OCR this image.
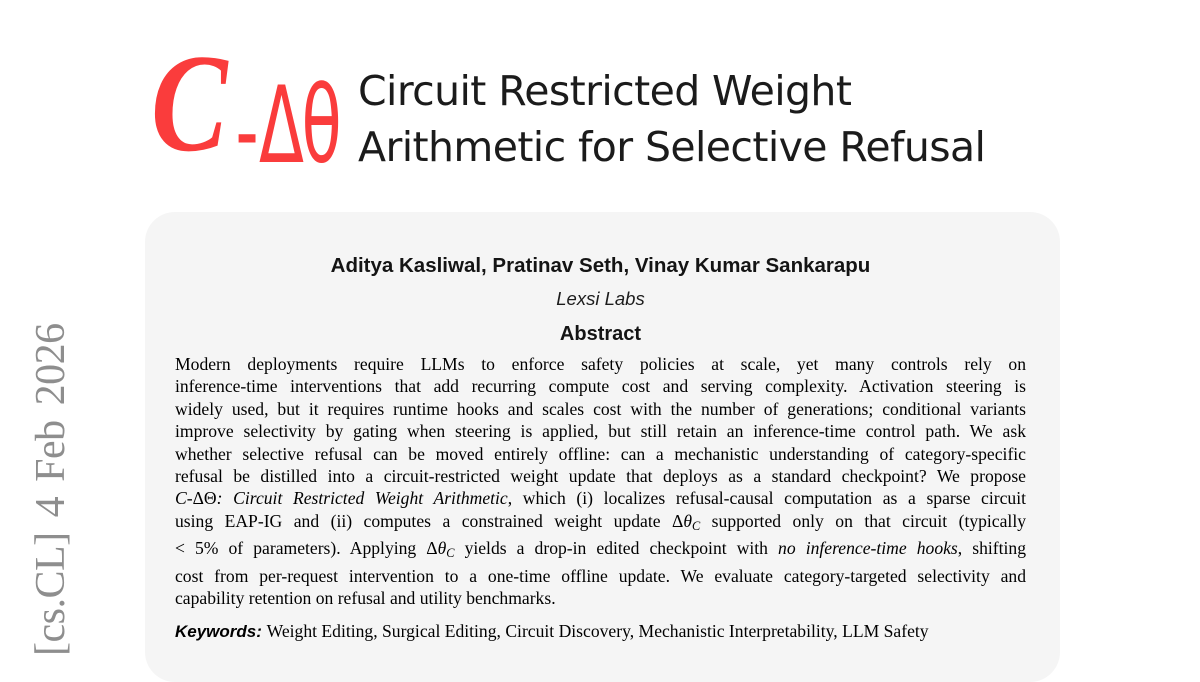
[cs.CL] 4 Feb 2026
C - Δθ Circuit Restricted Weight
Arithmetic for Selective Refusal
Aditya Kasliwal, Pratinav Seth, Vinay Kumar Sankarapu
Lexsi Labs
Abstract
Modern deployments require LLMs to enforce safety policies at scale, yet many controls rely on
inference-time interventions that add recurring compute cost and serving complexity. Activation steering is
widely used, but it requires runtime hooks and scales cost with the number of generations; conditional variants
improve selectivity by gating when steering is applied, but still retain an inference-time control path. We ask
whether selective refusal can be moved entirely offline: can a mechanistic understanding of category-specific
refusal be distilled into a circuit-restricted weight update that deploys as a standard checkpoint? We propose
C-ΔΘ: Circuit Restricted Weight Arithmetic, which (i) localizes refusal-causal computation as a sparse circuit
using EAP-IG and (ii) computes a constrained weight update ΔθC supported only on that circuit (typically
< 5% of parameters). Applying ΔθC yields a drop-in edited checkpoint with no inference-time hooks, shifting
cost from per-request intervention to a one-time offline update. We evaluate category-targeted selectivity and
capability retention on refusal and utility benchmarks.
Keywords: Weight Editing, Surgical Editing, Circuit Discovery, Mechanistic Interpretability, LLM Safety
